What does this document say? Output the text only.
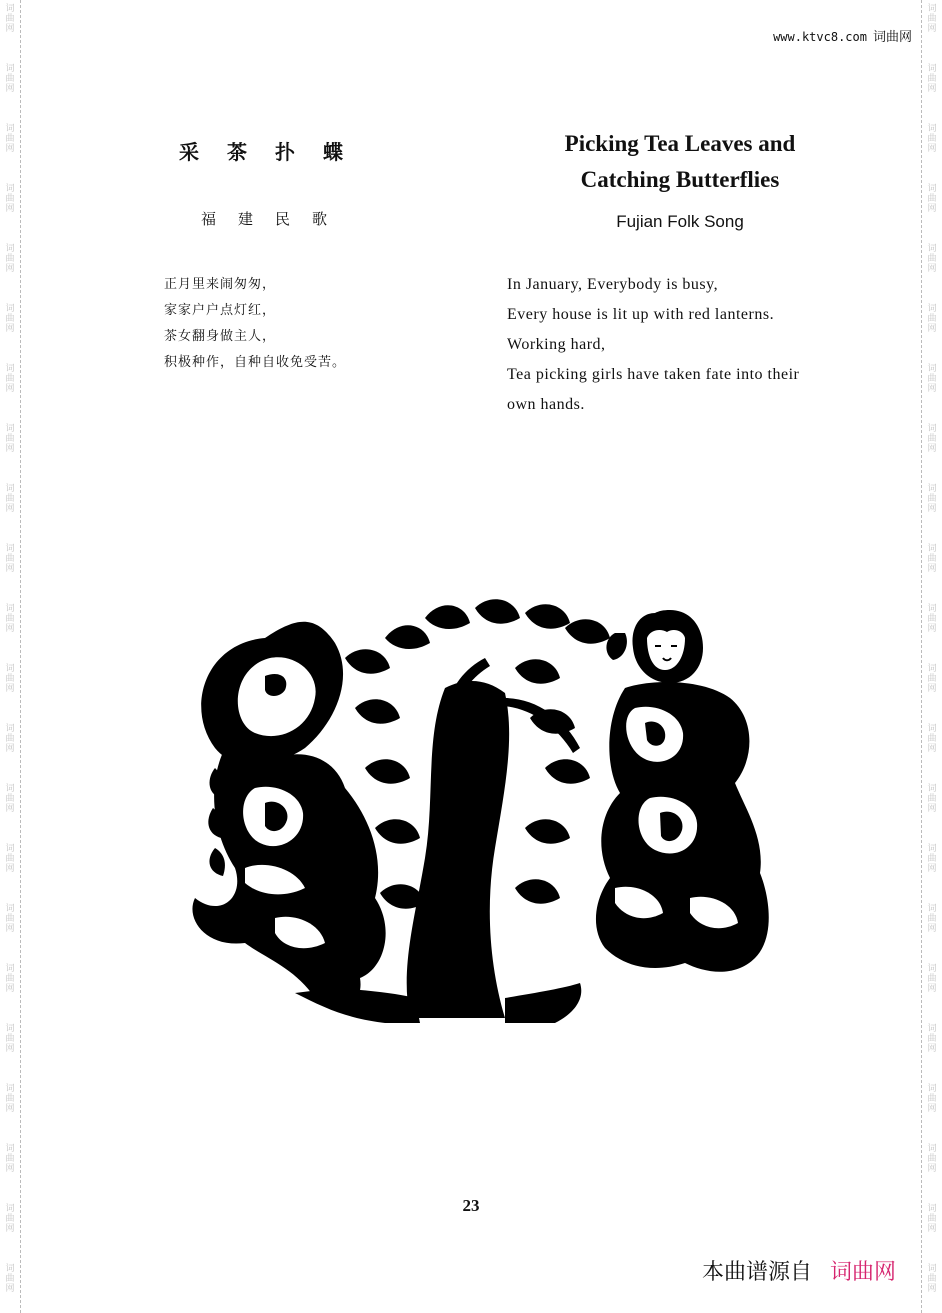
词
曲
网
词
曲
网
词
曲
网
词
曲
网
词
曲
网
词
曲
网
词
曲
网
词
曲
网
词
曲
网
词
曲
网
词
曲
网
词
曲
网
词
曲
网
词
曲
网
词
曲
网
词
曲
网
词
曲
网
词
曲
网
词
曲
网
词
曲
网
词
曲
网
词
曲
网
词
曲
网
词
曲
网
词
曲
网
词
曲
网
词
曲
网
词
曲
网
词
曲
网
词
曲
网
词
曲
网
词
曲
网
词
曲
网
词
曲
网
词
曲
网
词
曲
网
词
曲
网
词
曲
网
词
曲
网
词
曲
网
词
曲
网
词
曲
网
词
曲
网
词
曲
网
www.ktvc8.com 词曲网
采茶扑蝶
福建民歌
正月里来闹匆匆，
家家户户点灯红，
茶女翻身做主人，
积极种作，自种自收免受苦。
Picking Tea Leaves and
Catching Butterflies
Fujian Folk Song
In January, Everybody is busy,
Every house is lit up with red lanterns.
Working hard,
Tea picking girls have taken fate into their
own hands.
23
本曲谱源自 词曲网
